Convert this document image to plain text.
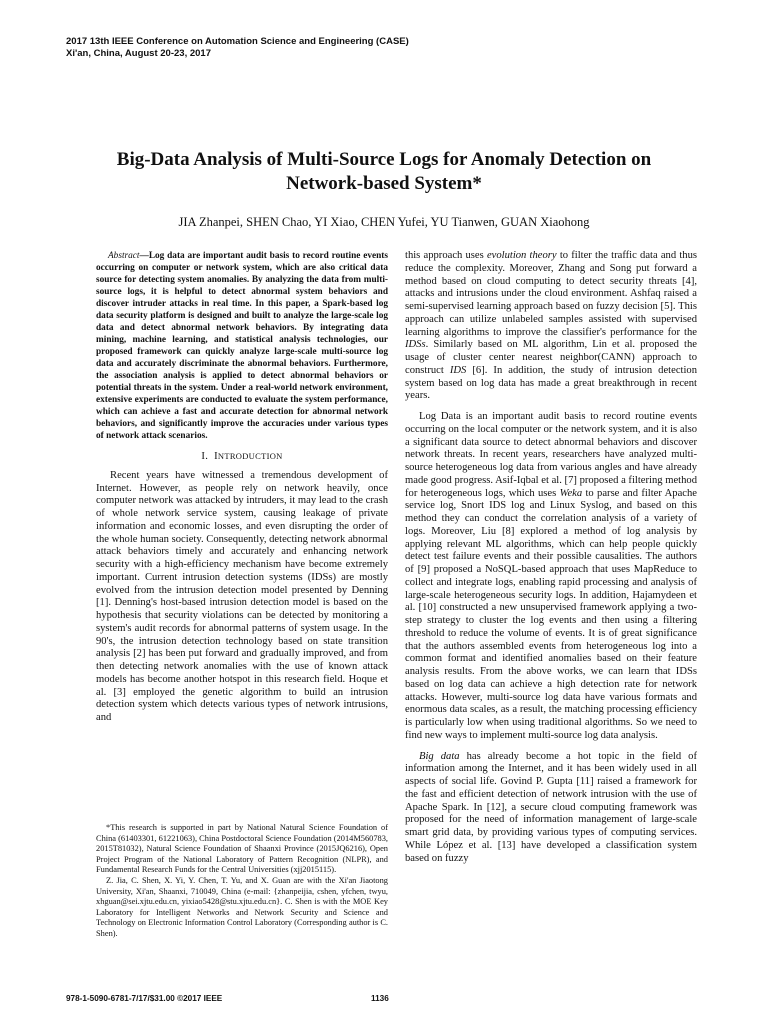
2017 13th IEEE Conference on Automation Science and Engineering (CASE)
Xi'an, China, August 20-23, 2017
Big-Data Analysis of Multi-Source Logs for Anomaly Detection on
Network-based System*
JIA Zhanpei, SHEN Chao, YI Xiao, CHEN Yufei, YU Tianwen, GUAN Xiaohong

Abstract—Log data are important audit basis to record routine events occurring on computer or network system, which are also critical data source for detecting system anomalies. By analyzing the data from multi-source logs, it is helpful to detect abnormal system behaviors and discover intruder attacks in real time. In this paper, a Spark-based log data security platform is designed and built to analyze the large-scale log data and detect abnormal network behaviors. By integrating data mining, machine learning, and statistical analysis technologies, our proposed framework can quickly analyze large-scale multi-source log data and accurately discriminate the abnormal behaviors. Furthermore, the association analysis is applied to detect abnormal behaviors or potential threats in the system. Under a real-world network environment, extensive experiments are conducted to evaluate the system performance, which can achieve a fast and accurate detection for abnormal network behaviors, and significantly improve the accuracies under various types of network attack scenarios.

I. INTRODUCTION

Recent years have witnessed a tremendous development of Internet. However, as people rely on network heavily, once computer network was attacked by intruders, it may lead to the crash of whole network service system, causing leakage of private information and economic losses, and even disrupting the order of the whole human society. Consequently, detecting network abnormal attack behaviors timely and accurately and enhancing network security with a high-efficiency mechanism have become extremely important. Current intrusion detection systems (IDSs) are mostly evolved from the intrusion detection model presented by Denning [1]. Denning's host-based intrusion detection model is based on the hypothesis that security violations can be detected by monitoring a system's audit records for abnormal patterns of system usage. In the 90's, the intrusion detection technology based on state transition analysis [2] has been put forward and gradually improved, and from then detecting network anomalies with the use of known attack models has become another hotspot in this research field. Hoque et al. [3] employed the genetic algorithm to build an intrusion detection system which detects various types of network intrusions, and

this approach uses evolution theory to filter the traffic data and thus reduce the complexity. Moreover, Zhang and Song put forward a method based on cloud computing to detect security threats [4], attacks and intrusions under the cloud environment. Ashfaq raised a semi-supervised learning approach based on fuzzy decision [5]. This approach can utilize unlabeled samples assisted with supervised learning algorithms to improve the classifier's performance for the IDSs. Similarly based on ML algorithm, Lin et al. proposed the usage of cluster center nearest neighbor(CANN) approach to construct IDS [6]. In addition, the study of intrusion detection system based on log data has made a great breakthrough in recent years.

Log Data is an important audit basis to record routine events occurring on the local computer or the network system, and it is also a significant data source to detect abnormal behaviors and discover network threats. In recent years, researchers have analyzed multi-source heterogeneous log data from various angles and have already made good progress. Asif-Iqbal et al. [7] proposed a filtering method for heterogeneous logs, which uses Weka to parse and filter Apache service log, Snort IDS log and Linux Syslog, and based on this method they can conduct the correlation analysis of a variety of logs. Moreover, Liu [8] explored a method of log analysis by applying relevant ML algorithms, which can help people quickly detect test failure events and their possible causalities. The authors of [9] proposed a NoSQL-based approach that uses MapReduce to collect and integrate logs, enabling rapid processing and analysis of large-scale heterogeneous security logs. In addition, Hajamydeen et al. [10] constructed a new unsupervised framework applying a two-step strategy to cluster the log events and then using a filtering threshold to reduce the volume of events. It is of great significance that the authors assembled events from heterogeneous log into a common format and identified anomalies based on their feature analysis results. From the above works, we can learn that IDSs based on log data can achieve a high detection rate for network attacks. However, multi-source log data have various formats and enormous data scales, as a result, the matching processing efficiency is particularly low when using traditional algorithms. So we need to find new ways to implement multi-source log data analysis.

Big data has already become a hot topic in the field of information among the Internet, and it has been widely used in all aspects of social life. Govind P. Gupta [11] raised a framework for the fast and efficient detection of network intrusion with the use of Apache Spark. In [12], a secure cloud computing framework was proposed for the need of information management of large-scale smart grid data, by providing various types of computing services. While López et al. [13] have developed a classification system based on fuzzy

*This research is supported in part by National Natural Science Foundation of China (61403301, 61221063), China Postdoctoral Science Foundation (2014M560783, 2015T81032), Natural Science Foundation of Shaanxi Province (2015JQ6216), Open Project Program of the National Laboratory of Pattern Recognition (NLPR), and Fundamental Research Funds for the Central Universities (xjj2015115).

Z. Jia, C. Shen, X. Yi, Y. Chen, T. Yu, and X. Guan are with the Xi'an Jiaotong University, Xi'an, Shaanxi, 710049, China (e-mail: {zhanpeijia, cshen, yfchen, twyu, xhguan@sei.xjtu.edu.cn, yixiao5428@stu.xjtu.edu.cn}. C. Shen is with the MOE Key Laboratory for Intelligent Networks and Network Security and Science and Technology on Electronic Information Control Laboratory (Corresponding author is C. Shen).

978-1-5090-6781-7/17/$31.00 ©2017 IEEE	1136
